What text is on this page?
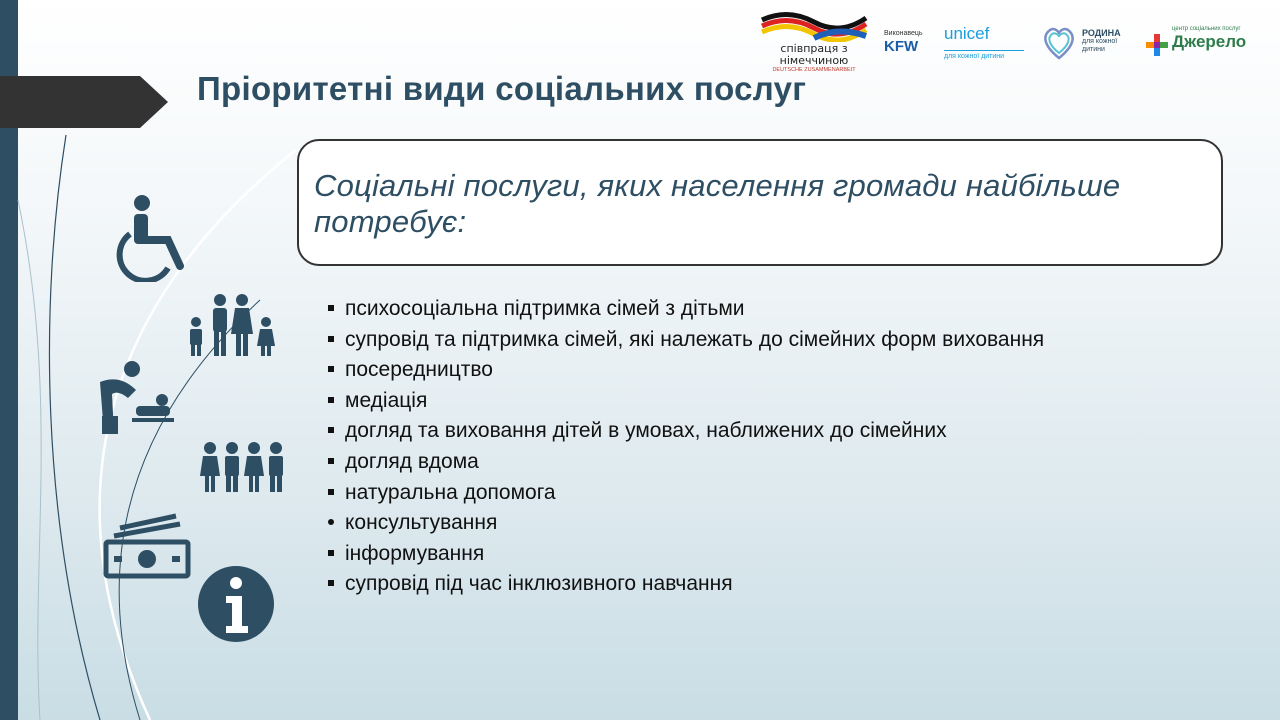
Пріоритетні види соціальних послуг
співпраця з
німеччиною
DEUTSCHE ZUSAMMENARBEIT
Виконавець
KFW
unicef
для кожної дитини
РОДИНА
для кожної
дитини
центр соціальних послуг
Джерело
Соціальні послуги, яких населення громади найбільше потребує:
психосоціальна підтримка сімей з дітьми
супровід та підтримка сімей, які належать до сімейних форм виховання
посередництво
медіація
догляд та виховання дітей в умовах, наближених до сімейних
догляд вдома
натуральна допомога
консультування
інформування
супровід під час інклюзивного навчання
